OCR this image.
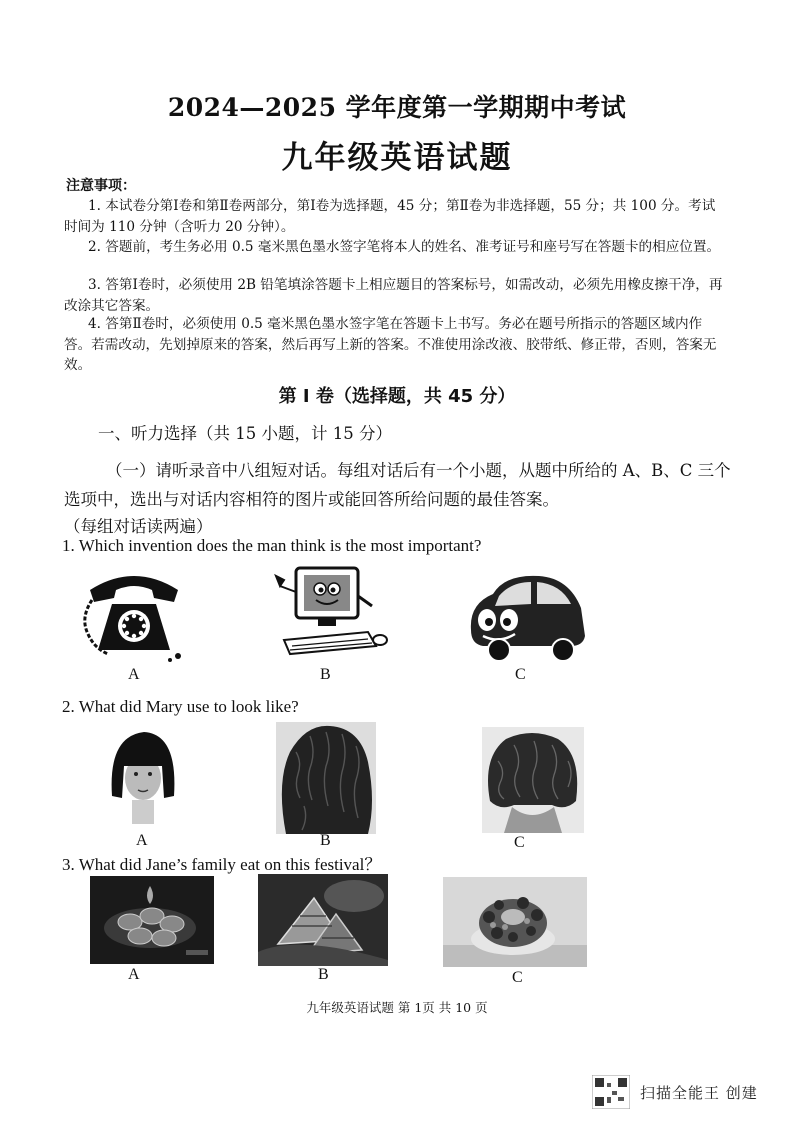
2024—2025 学年度第一学期期中考试
九年级英语试题
注意事项：
1. 本试卷分第Ⅰ卷和第Ⅱ卷两部分，第Ⅰ卷为选择题，45 分；第Ⅱ卷为非选择题，55 分；共 100 分。考试时间为 110 分钟（含听力 20 分钟）。
2. 答题前，考生务必用 0.5 毫米黑色墨水签字笔将本人的姓名、准考证号和座号写在答题卡的相应位置。
3. 答第Ⅰ卷时，必须使用 2B 铅笔填涂答题卡上相应题目的答案标号，如需改动，必须先用橡皮擦干净，再改涂其它答案。
4. 答第Ⅱ卷时，必须使用 0.5 毫米黑色墨水签字笔在答题卡上书写。务必在题号所指示的答题区域内作答。若需改动，先划掉原来的答案，然后再写上新的答案。不准使用涂改液、胶带纸、修正带，否则，答案无效。
第 Ⅰ 卷（选择题，共 45 分）
一、听力选择（共 15 小题，计 15 分）
（一）请听录音中八组短对话。每组对话后有一个小题，从题中所给的 A、B、C 三个选项中，选出与对话内容相符的图片或能回答所给问题的最佳答案。
（每组对话读两遍）
1. Which invention does the man think is the most important?
A	B	C
2. What did Mary use to look like?
A	B	C
3. What did Jane’s family eat on this festival？
A	B	C
九年级英语试题 第 1页 共 10 页
扫描全能王 创建
